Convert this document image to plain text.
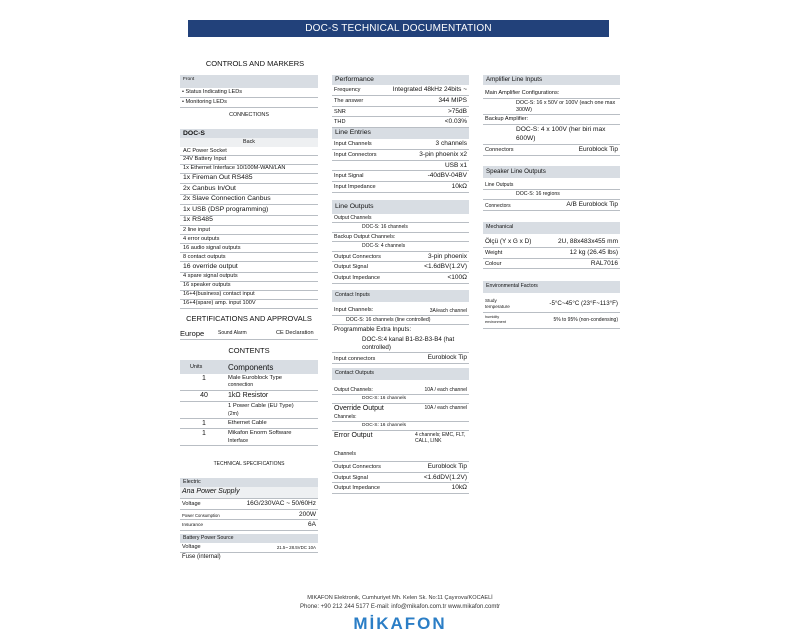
DOC-S TECHNICAL DOCUMENTATION
CONTROLS AND MARKERS
Front
• Status Indicating LEDs
• Monitoring LEDs
CONNECTIONS
DOC-S
Back
AC Power Socket
24V Battery Input
1x Ethernet Interface 10/100M-WAN/LAN
1x Fireman Out RS485
2x Canbus In/Out
2x Slave Connection Canbus
1x USB (DSP programming)
1x RS485
2 line input
4 error outputs
16 audio signal outputs
8 contact outputs
16 override output
4 spare signal outputs
16 speaker outputs
16+4(business) contact input
16+4(spare) amp. input 100V
CERTIFICATIONS AND APPROVALS
Europe	Sound Alarm	CE Declaration
CONTENTS
Units	Components
1	Male Euroblock Type
connection
40	1kΩ Resistor
1 Power Cable (EU Type)
(2m)
1	Ethernet Cable
1	Mikafon Enorm Software
Interface
TECHNICAL SPECIFICATIONS
Electric
Ana Power Supply
Voltage	16G/230VAC ~ 50/60Hz
Power Consumption	200W
Insurance	6A
Battery Power Source
Voltage	21.5~ 28.5VDC 10A
Fuse (internal)
Performance
Frequency	Integrated 48kHz 24bits ~
The answer	344 MIPS
SNR	>75dB
THD	<0.03%
Line Entries
Input Channels	3 channels
Input Connectors	3-pin phoenix x2
USB x1
Input Signal	-40dBV-04BV
Input Impedance	10kΩ
Line Outputs
Output Channels
DOC-S: 16 channels
Backup Output Channels:
DOC-S: 4 channels
Output Connectors	3-pin phoenix
Output Signal	<1.6dBV(1.2V)
Output Impedance	<100Ω
Contact Inputs
Input Channels:	3A/each channel
DOC-S: 16 channels (line controlled)
Programmable Extra Inputs:
DOC-S:4 kanal B1-B2-B3-B4 (hat controlled)
Input connectors	Euroblock Tip
Contact Outputs
Output Channels:	10A / each channel
DOC-S: 16 channels
Override Output	10A / each channel
Channels:
DOC-S: 16 channels
Error Output
Channels
4 channels; EMC, FLT, CALL, LINK
Output Connectors	Euroblock Tip
Output Signal	<1.6dDV(1.2V)
Output Impedance	10kΩ
Amplifier Line Inputs
Main Amplifier Configurations:
DOC-S: 16 x 50V or 100V (each one max 300W)
Backup Amplifier:
DOC-S: 4 x 100V (her biri max 600W)
Connectors	Euroblock Tip
Speaker Line Outputs
Line Outputs
DOC-S: 16 regions
Connectors	A/B Euroblock Tip
Mechanical
Ölçü (Y x G x D)	2U, 88x483x455 mm
Weight	12 kg (26.45 lbs)
Colour	RAL7016
Environmental Factors
Study temperature	-5°C~45°C (23°F~113°F)
humidity environment	5% to 95% (non-condensing)
MIKAFON Elektronik, Cumhuriyet Mh. Kelen Sk. No:11 Çayırova/KOCAELİ
Phone: +90 212 244 5177 E-mail: info@mikafon.com.tr www.mikafon.comtr
MİKAFON
